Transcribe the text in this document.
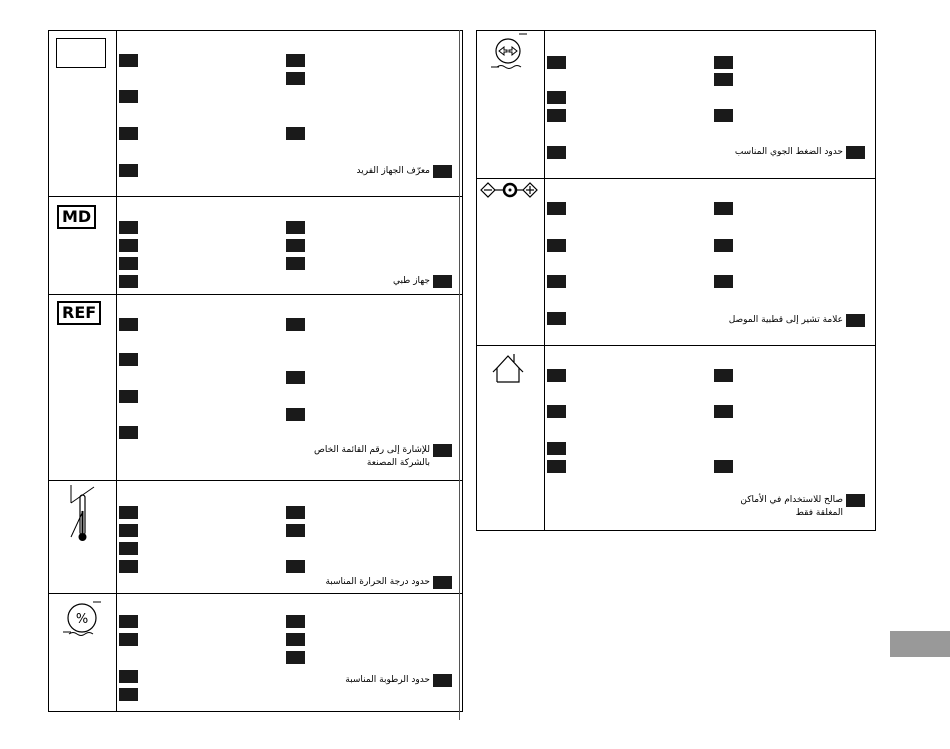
معرّف الجهاز الفريد
MD
جهاز طبي
REF
للإشارة إلى رقم القائمة الخاص
بالشركة المصنعة
حدود درجة الحرارة المناسبة
%
حدود الرطوبة المناسبة
حدود الضغط الجوي المناسب
علامة تشير إلى قطبية الموصل
صالح للاستخدام في الأماكن
المغلقة فقط
